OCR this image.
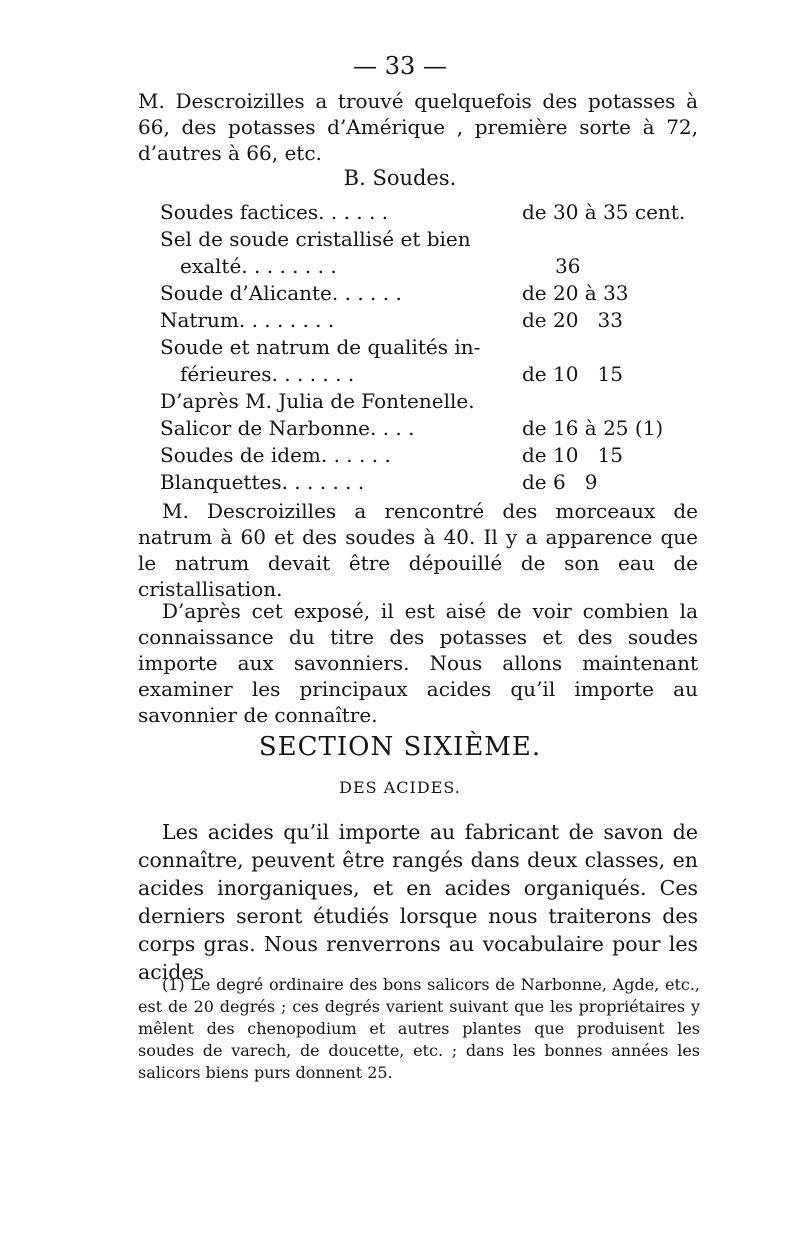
— 33 —
M. Descroizilles a trouvé quelquefois des potasses à 66, des potasses d’Amérique , première sorte à 72, d’autres à 66, etc.
B. Soudes.
Soudes factices. . . . . .	de 30 à 35 cent.
Sel de soude cristallisé et bien
exalté. . . . . . . .	36
Soude d’Alicante. . . . . .	de 20 à 33
Natrum. . . . . . . .	de 20   33
Soude et natrum de qualités in-
férieures. . . . . . .	de 10   15
D’après M. Julia de Fontenelle.
Salicor de Narbonne. . . .	de 16 à 25 (1)
Soudes de idem. . . . . .	de 10   15
Blanquettes. . . . . . .	de 6   9
M. Descroizilles a rencontré des morceaux de natrum à 60 et des soudes à 40. Il y a apparence que le natrum devait être dépouillé de son eau de cristallisation.
D’après cet exposé, il est aisé de voir combien la connaissance du titre des potasses et des soudes importe aux savonniers. Nous allons maintenant examiner les principaux acides qu’il importe au savonnier de connaître.
SECTION SIXIÈME.
DES ACIDES.
Les acides qu’il importe au fabricant de savon de connaître, peuvent être rangés dans deux classes, en acides inorganiques, et en acides organiqués. Ces derniers seront étudiés lorsque nous traiterons des corps gras. Nous renverrons au vocabulaire pour les acides
(1) Le degré ordinaire des bons salicors de Narbonne, Agde, etc., est de 20 degrés ; ces degrés varient suivant que les propriétaires y mêlent des chenopodium et autres plantes que produisent les soudes de varech, de doucette, etc. ; dans les bonnes années les salicors biens purs donnent 25.
